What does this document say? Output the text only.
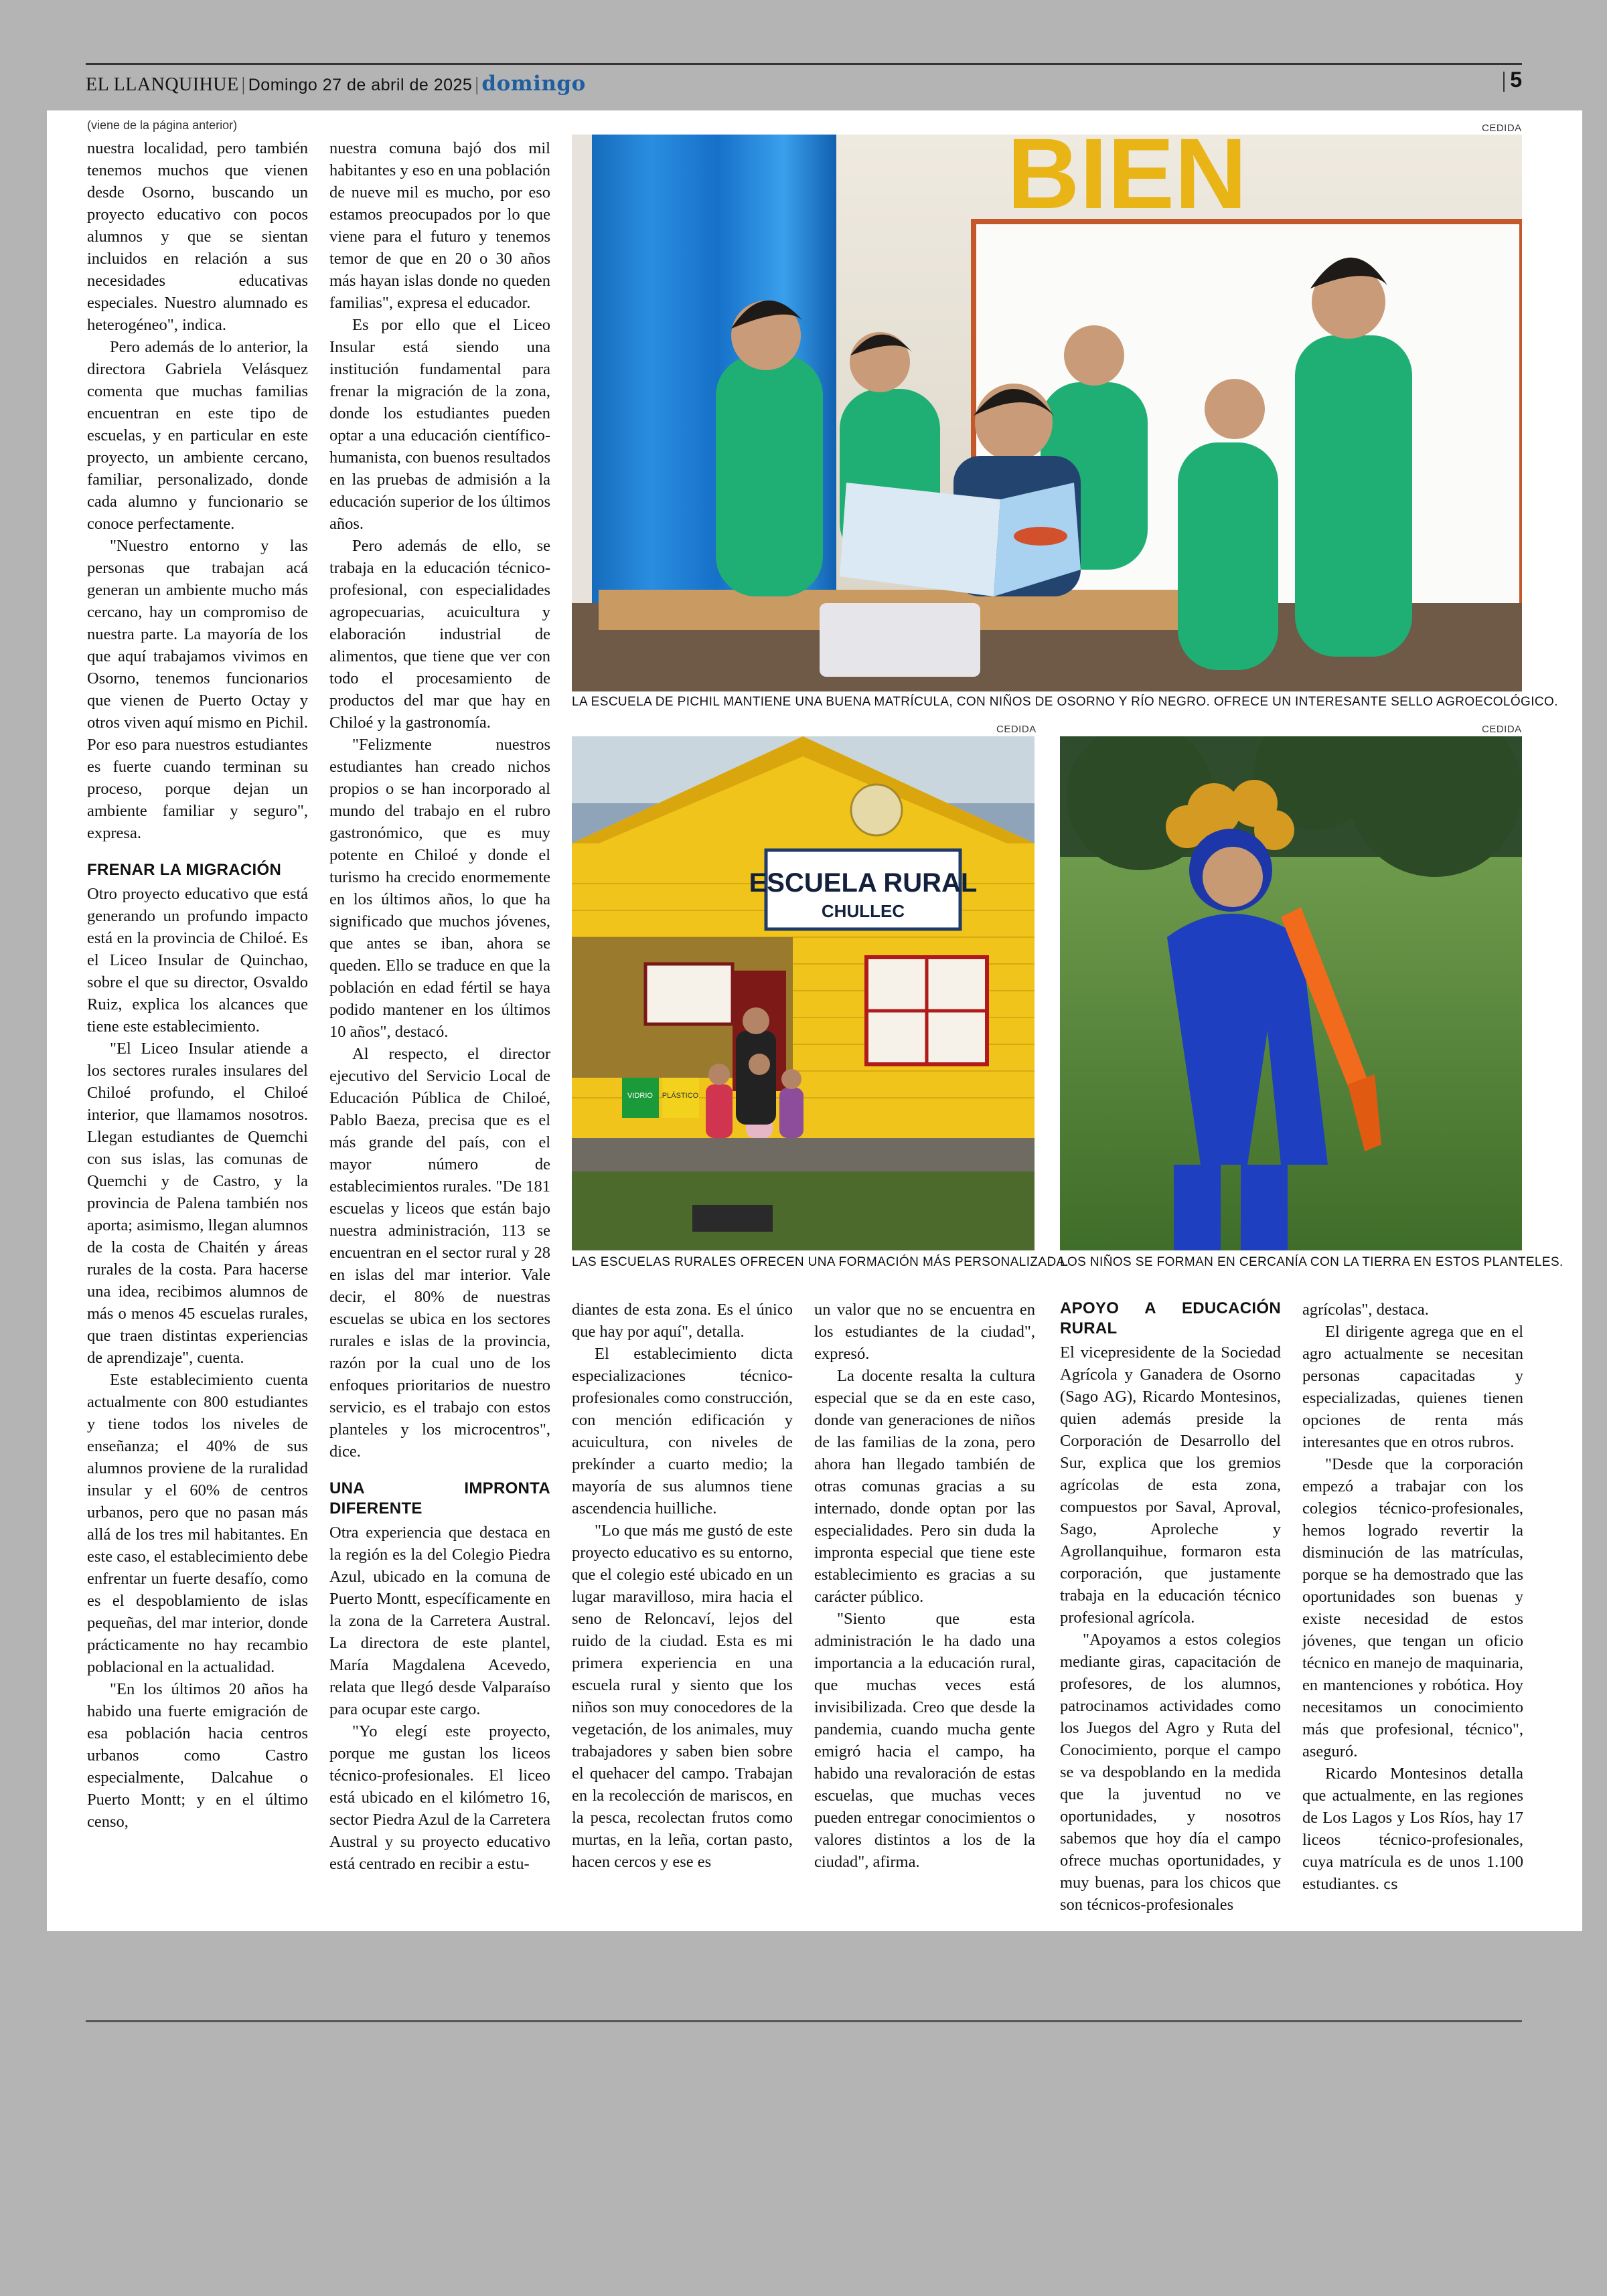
EL LLANQUIHUE | Domingo 27 de abril de 2025 | domingo	5
(viene de la página anterior)	CEDIDA
BIEN
LA ESCUELA DE PICHIL MANTIENE UNA BUENA MATRÍCULA, CON NIÑOS DE OSORNO Y RÍO NEGRO. OFRECE UN INTERESANTE SELLO AGROECOLÓGICO.
CEDIDA
ESCUELA RURAL
CHULLEC
VIDRIO PLÁSTICO
LAS ESCUELAS RURALES OFRECEN UNA FORMACIÓN MÁS PERSONALIZADA.
CEDIDA
LOS NIÑOS SE FORMAN EN CERCANÍA CON LA TIERRA EN ESTOS PLANTELES.

nuestra localidad, pero también tenemos muchos que vienen desde Osorno, buscando un proyecto educativo con pocos alumnos y que se sientan incluidos en relación a sus necesidades educativas especiales. Nuestro alumnado es heterogéneo", indica.

Pero además de lo anterior, la directora Gabriela Velásquez comenta que muchas familias encuentran en este tipo de escuelas, y en particular en este proyecto, un ambiente cercano, familiar, personalizado, donde cada alumno y funcionario se conoce perfectamente.

"Nuestro entorno y las personas que trabajan acá generan un ambiente mucho más cercano, hay un compromiso de nuestra parte. La mayoría de los que aquí trabajamos vivimos en Osorno, tenemos funcionarios que vienen de Puerto Octay y otros viven aquí mismo en Pichil. Por eso para nuestros estudiantes es fuerte cuando terminan su proceso, porque dejan un ambiente familiar y seguro", expresa.

FRENAR LA MIGRACIÓN

Otro proyecto educativo que está generando un profundo impacto está en la provincia de Chiloé. Es el Liceo Insular de Quinchao, sobre el que su director, Osvaldo Ruiz, explica los alcances que tiene este establecimiento.

"El Liceo Insular atiende a los sectores rurales insulares del Chiloé profundo, el Chiloé interior, que llamamos nosotros. Llegan estudiantes de Quemchi con sus islas, las comunas de Quemchi y de Castro, y la provincia de Palena también nos aporta; asimismo, llegan alumnos de la costa de Chaitén y áreas rurales de la costa. Para hacerse una idea, recibimos alumnos de más o menos 45 escuelas rurales, que traen distintas experiencias de aprendizaje", cuenta.

Este establecimiento cuenta actualmente con 800 estudiantes y tiene todos los niveles de enseñanza; el 40% de sus alumnos proviene de la ruralidad insular y el 60% de centros urbanos, pero que no pasan más allá de los tres mil habitantes. En este caso, el establecimiento debe enfrentar un fuerte desafío, como es el despoblamiento de islas pequeñas, del mar interior, donde prácticamente no hay recambio poblacional en la actualidad.

"En los últimos 20 años ha habido una fuerte emigración de esa población hacia centros urbanos como Castro especialmente, Dalcahue o Puerto Montt; y en el último censo,

nuestra comuna bajó dos mil habitantes y eso en una población de nueve mil es mucho, por eso estamos preocupados por lo que viene para el futuro y tenemos temor de que en 20 o 30 años más hayan islas donde no queden familias", expresa el educador.

Es por ello que el Liceo Insular está siendo una institución fundamental para frenar la migración de la zona, donde los estudiantes pueden optar a una educación científico-humanista, con buenos resultados en las pruebas de admisión a la educación superior de los últimos años.

Pero además de ello, se trabaja en la educación técnico-profesional, con especialidades agropecuarias, acuicultura y elaboración industrial de alimentos, que tiene que ver con todo el procesamiento de productos del mar que hay en Chiloé y la gastronomía.

"Felizmente nuestros estudiantes han creado nichos propios o se han incorporado al mundo del trabajo en el rubro gastronómico, que es muy potente en Chiloé y donde el turismo ha crecido enormemente en los últimos años, lo que ha significado que muchos jóvenes, que antes se iban, ahora se queden. Ello se traduce en que la población en edad fértil se haya podido mantener en los últimos 10 años", destacó.

Al respecto, el director ejecutivo del Servicio Local de Educación Pública de Chiloé, Pablo Baeza, precisa que es el más grande del país, con el mayor número de establecimientos rurales. "De 181 escuelas y liceos que están bajo nuestra administración, 113 se encuentran en el sector rural y 28 en islas del mar interior. Vale decir, el 80% de nuestras escuelas se ubica en los sectores rurales e islas de la provincia, razón por la cual uno de los enfoques prioritarios de nuestro servicio, es el trabajo con estos planteles y los microcentros", dice.

UNA IMPRONTA DIFERENTE

Otra experiencia que destaca en la región es la del Colegio Piedra Azul, ubicado en la comuna de Puerto Montt, específicamente en la zona de la Carretera Austral. La directora de este plantel, María Magdalena Acevedo, relata que llegó desde Valparaíso para ocupar este cargo.

"Yo elegí este proyecto, porque me gustan los liceos técnico-profesionales. El liceo está ubicado en el kilómetro 16, sector Piedra Azul de la Carretera Austral y su proyecto educativo está centrado en recibir a estu-

diantes de esta zona. Es el único que hay por aquí", detalla.

El establecimiento dicta especializaciones técnico-profesionales como construcción, con mención edificación y acuicultura, con niveles de prekínder a cuarto medio; la mayoría de sus alumnos tiene ascendencia huilliche.

"Lo que más me gustó de este proyecto educativo es su entorno, que el colegio esté ubicado en un lugar maravilloso, mira hacia el seno de Reloncaví, lejos del ruido de la ciudad. Esta es mi primera experiencia en una escuela rural y siento que los niños son muy conocedores de la vegetación, de los animales, muy trabajadores y saben bien sobre el quehacer del campo. Trabajan en la recolección de mariscos, en la pesca, recolectan frutos como murtas, en la leña, cortan pasto, hacen cercos y ese es

un valor que no se encuentra en los estudiantes de la ciudad", expresó.

La docente resalta la cultura especial que se da en este caso, donde van generaciones de niños de las familias de la zona, pero ahora han llegado también de otras comunas gracias a su internado, donde optan por las especialidades. Pero sin duda la impronta especial que tiene este establecimiento es gracias a su carácter público.

"Siento que esta administración le ha dado una importancia a la educación rural, que muchas veces está invisibilizada. Creo que desde la pandemia, cuando mucha gente emigró hacia el campo, ha habido una revaloración de estas escuelas, que muchas veces pueden entregar conocimientos o valores distintos a los de la ciudad", afirma.

APOYO A EDUCACIÓN RURAL

El vicepresidente de la Sociedad Agrícola y Ganadera de Osorno (Sago AG), Ricardo Montesinos, quien además preside la Corporación de Desarrollo del Sur, explica que los gremios agrícolas de esta zona, compuestos por Saval, Aproval, Sago, Aproleche y Agrollanquihue, formaron esta corporación, que justamente trabaja en la educación técnico profesional agrícola.

"Apoyamos a estos colegios mediante giras, capacitación de profesores, de los alumnos, patrocinamos actividades como los Juegos del Agro y Ruta del Conocimiento, porque el campo se va despoblando en la medida que la juventud no ve oportunidades, y nosotros sabemos que hoy día el campo ofrece muchas oportunidades, y muy buenas, para los chicos que son técnicos-profesionales

agrícolas", destaca.

El dirigente agrega que en el agro actualmente se necesitan personas capacitadas y especializadas, quienes tienen opciones de renta más interesantes que en otros rubros.

"Desde que la corporación empezó a trabajar con los colegios técnico-profesionales, hemos logrado revertir la disminución de las matrículas, porque se ha demostrado que las oportunidades son buenas y existe necesidad de estos jóvenes, que tengan un oficio técnico en manejo de maquinaria, en mantenciones y robótica. Hoy necesitamos un conocimiento más que profesional, técnico", aseguró.

Ricardo Montesinos detalla que actualmente, en las regiones de Los Lagos y Los Ríos, hay 17 liceos técnico-profesionales, cuya matrícula es de unos 1.100 estudiantes. cs
